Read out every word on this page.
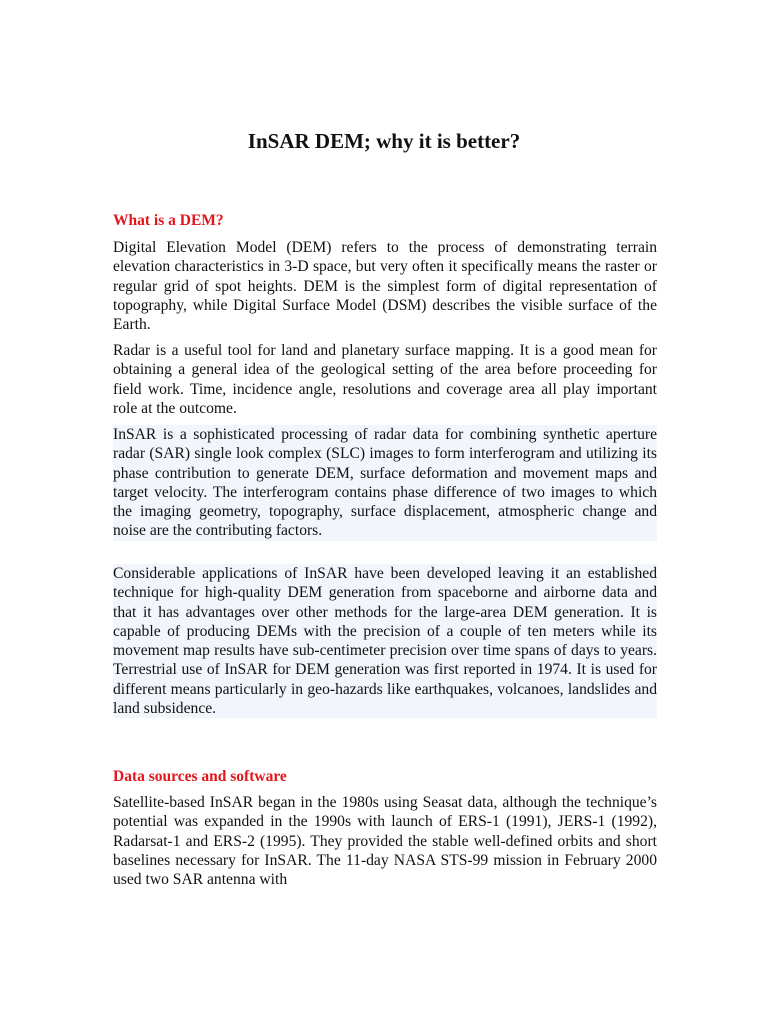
InSAR DEM; why it is better?
What is a DEM?

Digital Elevation Model (DEM) refers to the process of demonstrating terrain elevation characteristics in 3-D space, but very often it specifically means the raster or regular grid of spot heights. DEM is the simplest form of digital representation of topography, while Digital Surface Model (DSM) describes the visible surface of the Earth.

Radar is a useful tool for land and planetary surface mapping. It is a good mean for obtaining a general idea of the geological setting of the area before proceeding for field work. Time, incidence angle, resolutions and coverage area all play important role at the outcome.

InSAR is a sophisticated processing of radar data for combining synthetic aperture radar (SAR) single look complex (SLC) images to form interferogram and utilizing its phase contribution to generate DEM, surface deformation and movement maps and target velocity. The interferogram contains phase difference of two images to which the imaging geometry, topography, surface displacement, atmospheric change and noise are the contributing factors.

Considerable applications of InSAR have been developed leaving it an established technique for high-quality DEM generation from spaceborne and airborne data and that it has advantages over other methods for the large-area DEM generation. It is capable of producing DEMs with the precision of a couple of ten meters while its movement map results have sub-centimeter precision over time spans of days to years. Terrestrial use of InSAR for DEM generation was first reported in 1974. It is used for different means particularly in geo-hazards like earthquakes, volcanoes, landslides and land subsidence.

Data sources and software

Satellite-based InSAR began in the 1980s using Seasat data, although the technique’s potential was expanded in the 1990s with launch of ERS-1 (1991), JERS-1 (1992), Radarsat-1 and ERS-2 (1995). They provided the stable well-defined orbits and short baselines necessary for InSAR. The 11-day NASA STS-99 mission in February 2000 used two SAR antenna with
